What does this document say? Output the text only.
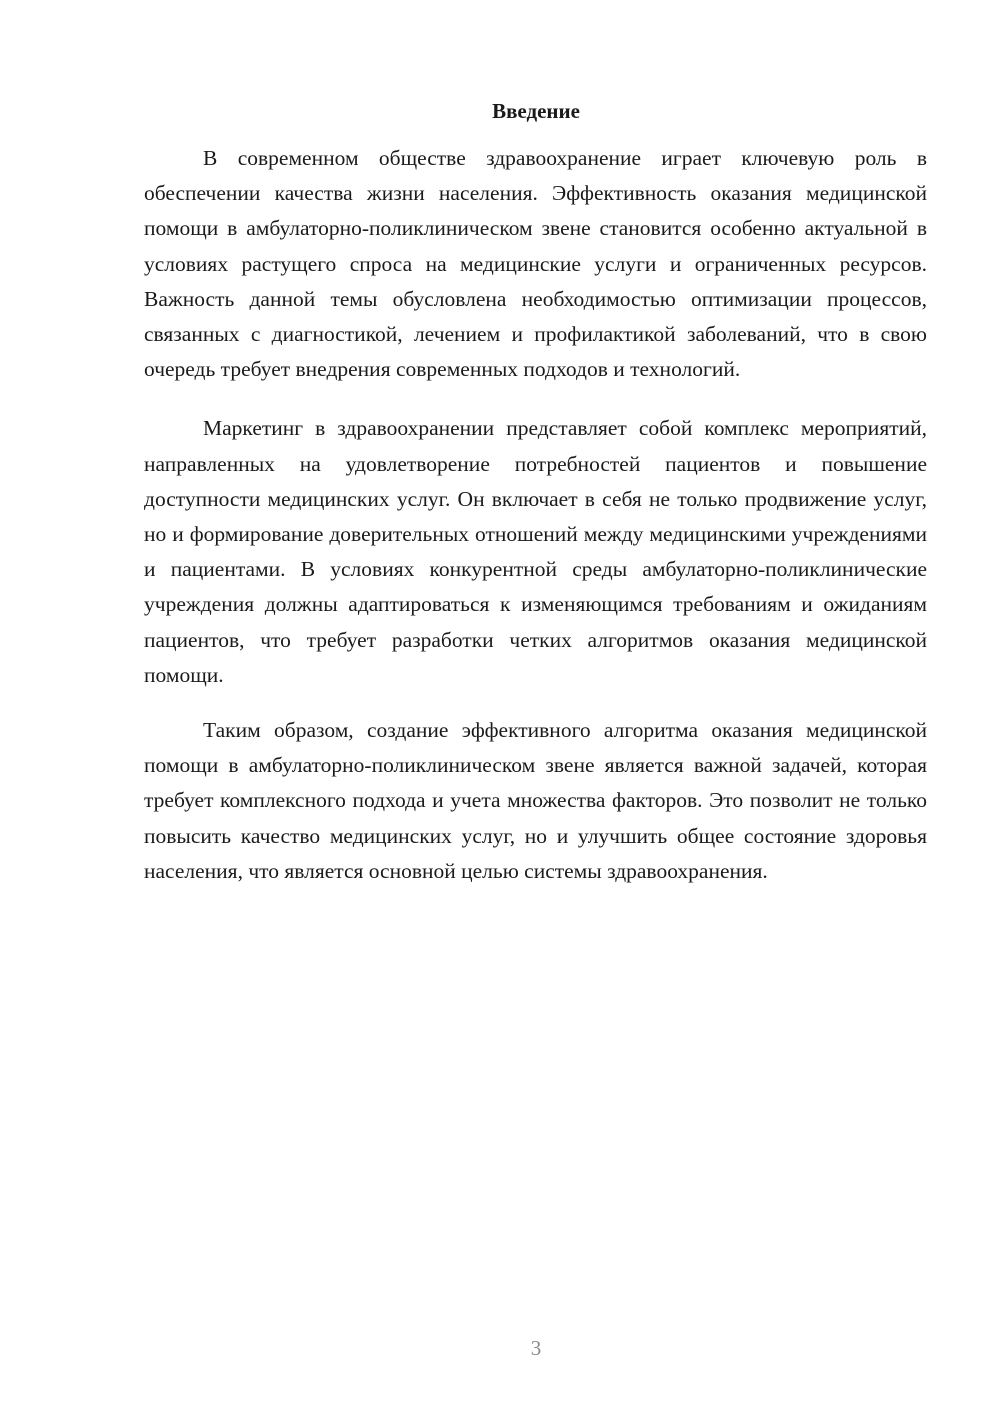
Введение

В современном обществе здравоохранение играет ключевую роль в обеспечении качества жизни населения. Эффективность оказания медицинской помощи в амбулаторно-поликлиническом звене становится особенно актуальной в условиях растущего спроса на медицинские услуги и ограниченных ресурсов. Важность данной темы обусловлена необходимостью оптимизации процессов, связанных с диагностикой, лечением и профилактикой заболеваний, что в свою очередь требует внедрения современных подходов и технологий.

Маркетинг в здравоохранении представляет собой комплекс мероприятий, направленных на удовлетворение потребностей пациентов и повышение доступности медицинских услуг. Он включает в себя не только продвижение услуг, но и формирование доверительных отношений между медицинскими учреждениями и пациентами. В условиях конкурентной среды амбулаторно-поликлинические учреждения должны адаптироваться к изменяющимся требованиям и ожиданиям пациентов, что требует разработки четких алгоритмов оказания медицинской помощи.

Таким образом, создание эффективного алгоритма оказания медицинской помощи в амбулаторно-поликлиническом звене является важной задачей, которая требует комплексного подхода и учета множества факторов. Это позволит не только повысить качество медицинских услуг, но и улучшить общее состояние здоровья населения, что является основной целью системы здравоохранения.

3
